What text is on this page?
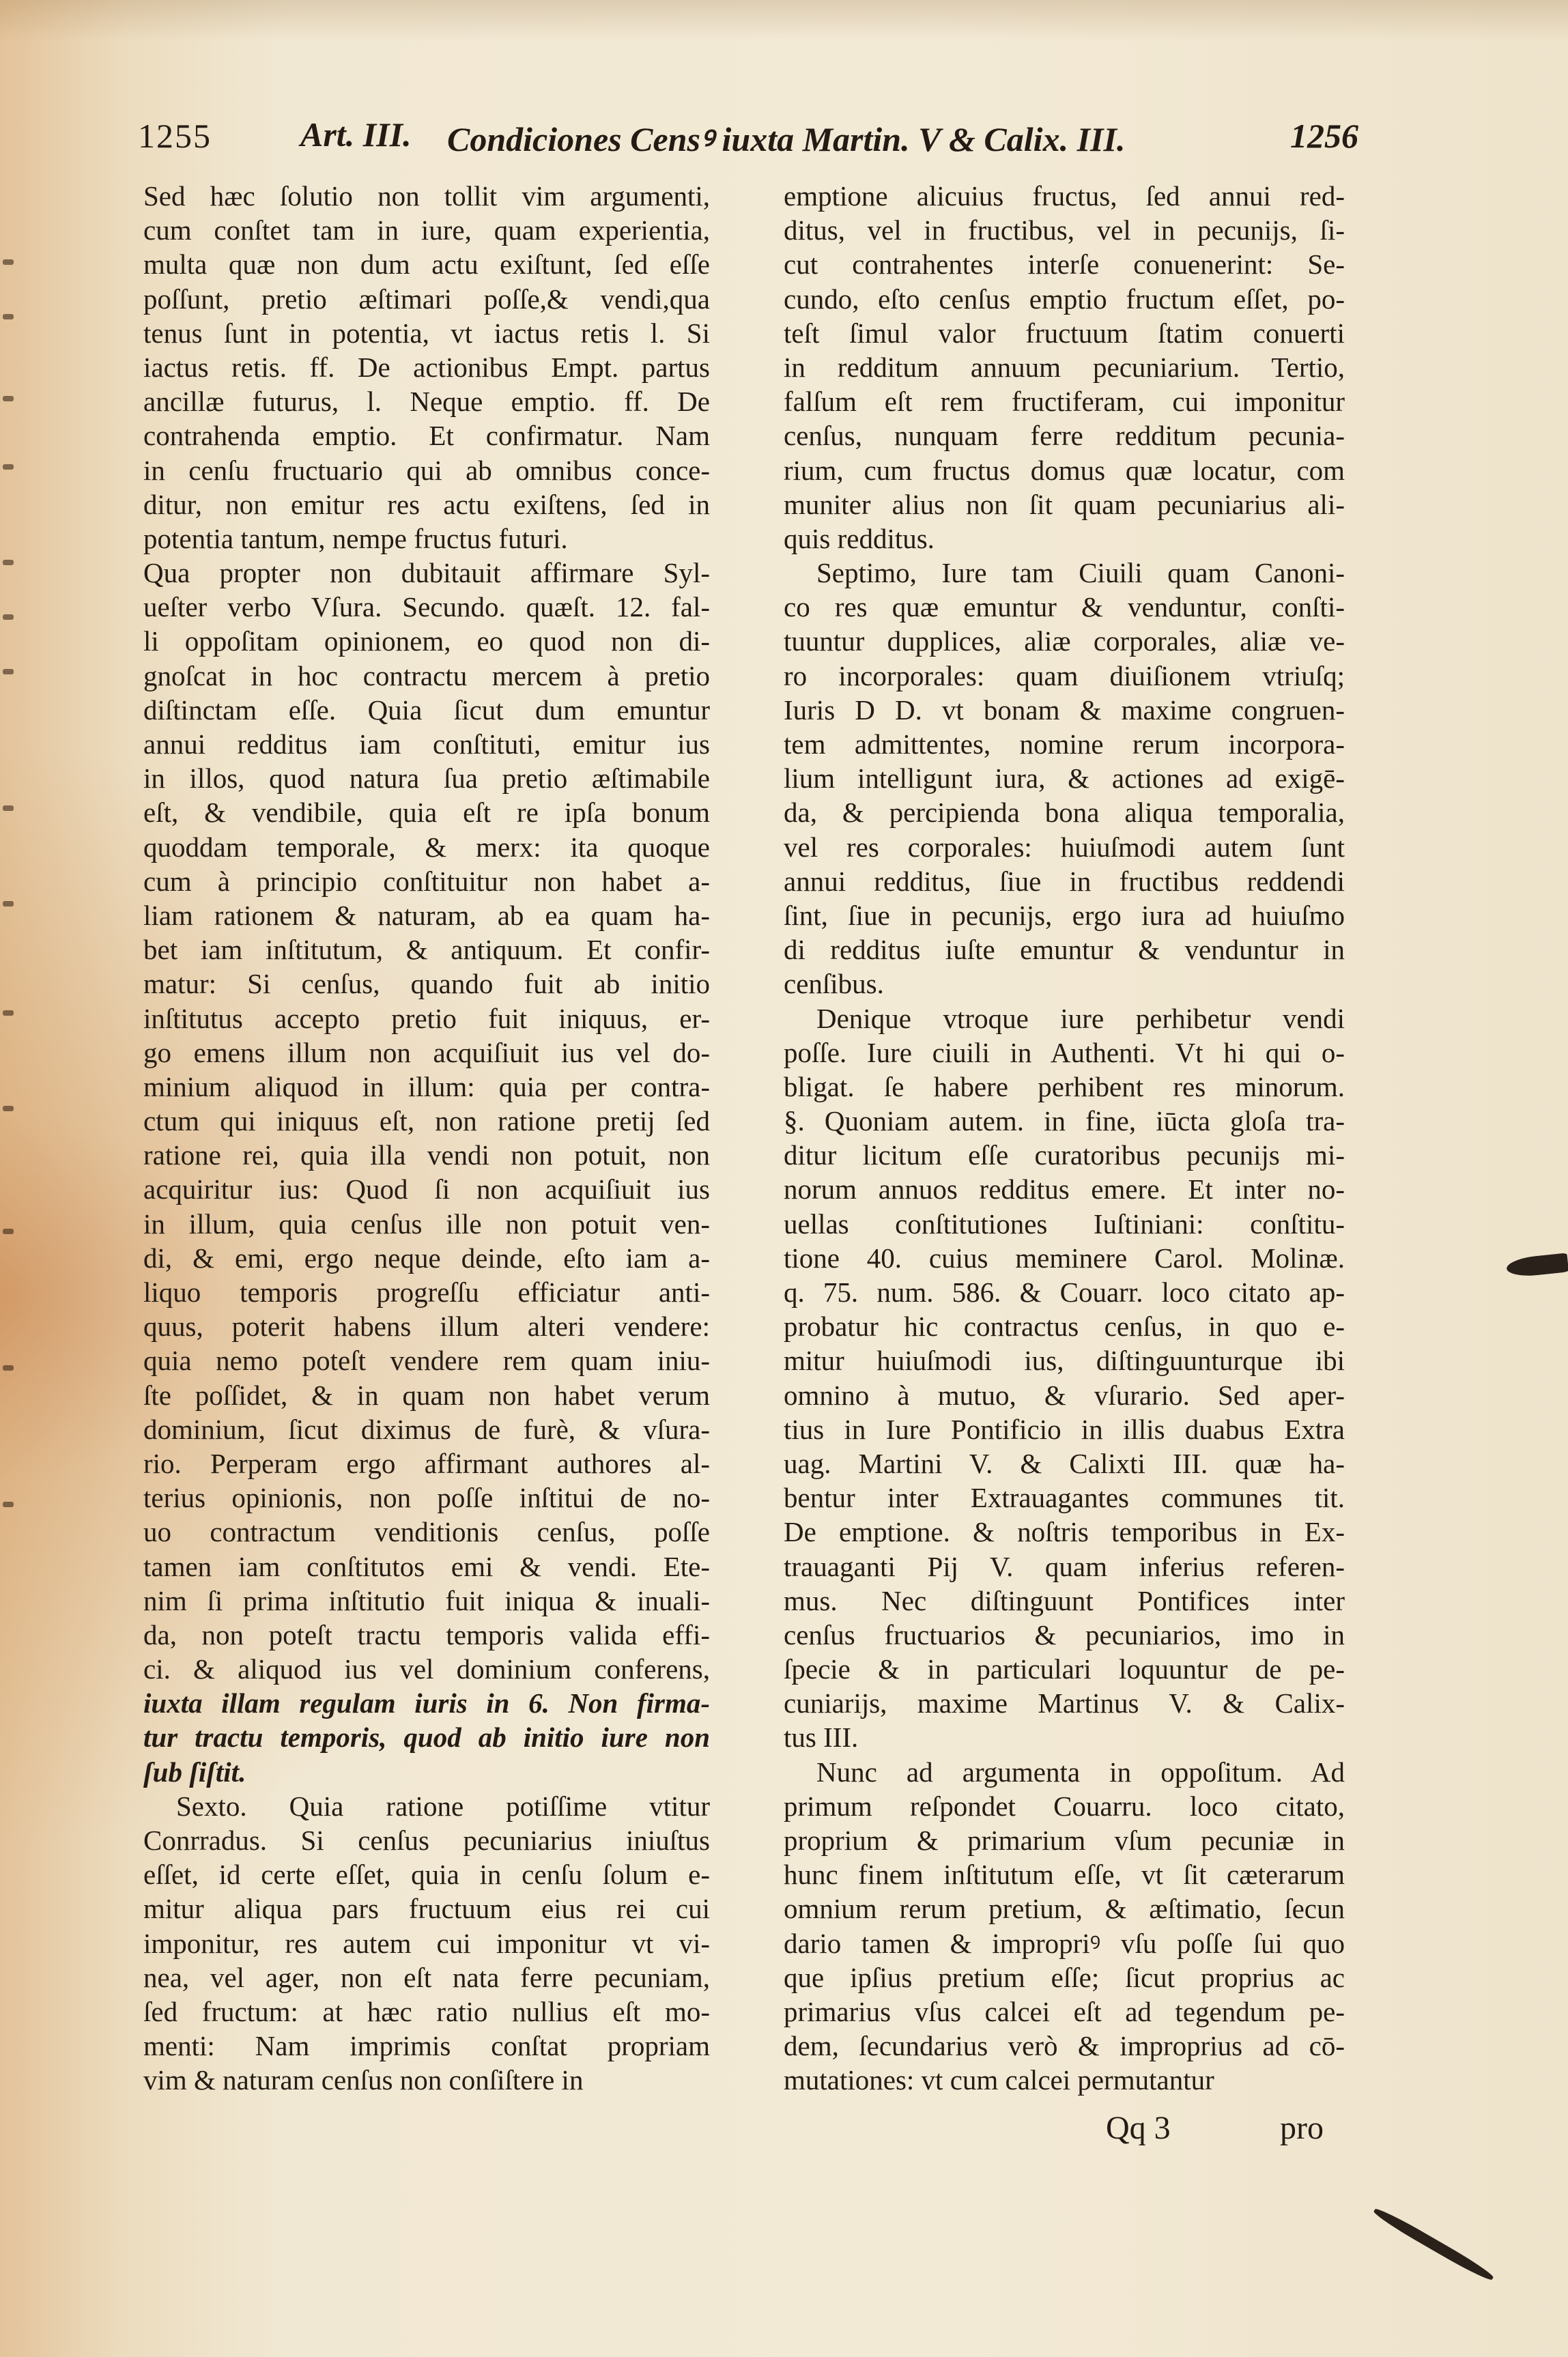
1255	Art. III. Condiciones Censꝰ iuxta Martin. V & Calix. III.	1256
Sed hæc ſolutio non tollit vim argumenti,
cum conſtet tam in iure, quam experientia,
multa quæ non dum actu exiſtunt, ſed eſſe
poſſunt, pretio æſtimari poſſe,& vendi,qua
tenus ſunt in potentia, vt iactus retis l. Si
iactus retis. ff. De actionibus Empt. partus
ancillæ futurus, l. Neque emptio. ff. De
contrahenda emptio. Et confirmatur. Nam
in cenſu fructuario qui ab omnibus conce-
ditur, non emitur res actu exiſtens, ſed in
potentia tantum, nempe fructus futuri.
Qua propter non dubitauit affirmare Syl-
ueſter verbo Vſura. Secundo. quæſt. 12. fal-
li oppoſitam opinionem, eo quod non di-
gnoſcat in hoc contractu mercem à pretio
diſtinctam eſſe. Quia ſicut dum emuntur
annui redditus iam conſtituti, emitur ius
in illos, quod natura ſua pretio æſtimabile
eſt, & vendibile, quia eſt re ipſa bonum
quoddam temporale, & merx: ita quoque
cum à principio conſtituitur non habet a-
liam rationem & naturam, ab ea quam ha-
bet iam inſtitutum, & antiquum. Et confir-
matur: Si cenſus, quando fuit ab initio
inſtitutus accepto pretio fuit iniquus, er-
go emens illum non acquiſiuit ius vel do-
minium aliquod in illum: quia per contra-
ctum qui iniquus eſt, non ratione pretij ſed
ratione rei, quia illa vendi non potuit, non
acquiritur ius: Quod ſi non acquiſiuit ius
in illum, quia cenſus ille non potuit ven-
di, & emi, ergo neque deinde, eſto iam a-
liquo temporis progreſſu efficiatur anti-
quus, poterit habens illum alteri vendere:
quia nemo poteſt vendere rem quam iniu-
ſte poſſidet, & in quam non habet verum
dominium, ſicut diximus de furè, & vſura-
rio. Perperam ergo affirmant authores al-
terius opinionis, non poſſe inſtitui de no-
uo contractum venditionis cenſus, poſſe
tamen iam conſtitutos emi & vendi. Ete-
nim ſi prima inſtitutio fuit iniqua & inuali-
da, non poteſt tractu temporis valida effi-
ci. & aliquod ius vel dominium conferens,
iuxta illam regulam iuris in 6. Non firma-
tur tractu temporis, quod ab initio iure non
ſub ſiſtit.
Sexto. Quia ratione potiſſime vtitur
Conrradus. Si cenſus pecuniarius iniuſtus
eſſet, id certe eſſet, quia in cenſu ſolum e-
mitur aliqua pars fructuum eius rei cui
imponitur, res autem cui imponitur vt vi-
nea, vel ager, non eſt nata ferre pecuniam,
ſed fructum: at hæc ratio nullius eſt mo-
menti: Nam imprimis conſtat propriam
vim & naturam cenſus non conſiſtere in
emptione alicuius fructus, ſed annui red-
ditus, vel in fructibus, vel in pecunijs, ſi-
cut contrahentes interſe conuenerint: Se-
cundo, eſto cenſus emptio fructum eſſet, po-
teſt ſimul valor fructuum ſtatim conuerti
in redditum annuum pecuniarium. Tertio,
falſum eſt rem fructiferam, cui imponitur
cenſus, nunquam ferre redditum pecunia-
rium, cum fructus domus quæ locatur, com
muniter alius non ſit quam pecuniarius ali-
quis redditus.
Septimo, Iure tam Ciuili quam Canoni-
co res quæ emuntur & venduntur, conſti-
tuuntur dupplices, aliæ corporales, aliæ ve-
ro incorporales: quam diuiſionem vtriuſq;
Iuris D D. vt bonam & maxime congruen-
tem admittentes, nomine rerum incorpora-
lium intelligunt iura, & actiones ad exigē-
da, & percipienda bona aliqua temporalia,
vel res corporales: huiuſmodi autem ſunt
annui redditus, ſiue in fructibus reddendi
ſint, ſiue in pecunijs, ergo iura ad huiuſmo
di redditus iuſte emuntur & venduntur in
cenſibus.
Denique vtroque iure perhibetur vendi
poſſe. Iure ciuili in Authenti. Vt hi qui o-
bligat. ſe habere perhibent res minorum.
§. Quoniam autem. in fine, iūcta gloſa tra-
ditur licitum eſſe curatoribus pecunijs mi-
norum annuos redditus emere. Et inter no-
uellas conſtitutiones Iuſtiniani: conſtitu-
tione 40. cuius meminere Carol. Molinæ.
q. 75. num. 586. & Couarr. loco citato ap-
probatur hic contractus cenſus, in quo e-
mitur huiuſmodi ius, diſtinguunturque ibi
omnino à mutuo, & vſurario. Sed aper-
tius in Iure Pontificio in illis duabus Extra
uag. Martini V. & Calixti III. quæ ha-
bentur inter Extrauagantes communes tit.
De emptione. & noſtris temporibus in Ex-
trauaganti Pij V. quam inferius referen-
mus. Nec diſtinguunt Pontifices inter
cenſus fructuarios & pecuniarios, imo in
ſpecie & in particulari loquuntur de pe-
cuniarijs, maxime Martinus V. & Calix-
tus III.
Nunc ad argumenta in oppoſitum. Ad
primum reſpondet Couarru. loco citato,
proprium & primarium vſum pecuniæ in
hunc finem inſtitutum eſſe, vt ſit cæterarum
omnium rerum pretium, & æſtimatio, ſecun
dario tamen & impropriꝰ vſu poſſe ſui quo
que ipſius pretium eſſe; ſicut proprius ac
primarius vſus calcei eſt ad tegendum pe-
dem, ſecundarius verò & improprius ad cō-
mutationes: vt cum calcei permutantur
Qq 3	pro
